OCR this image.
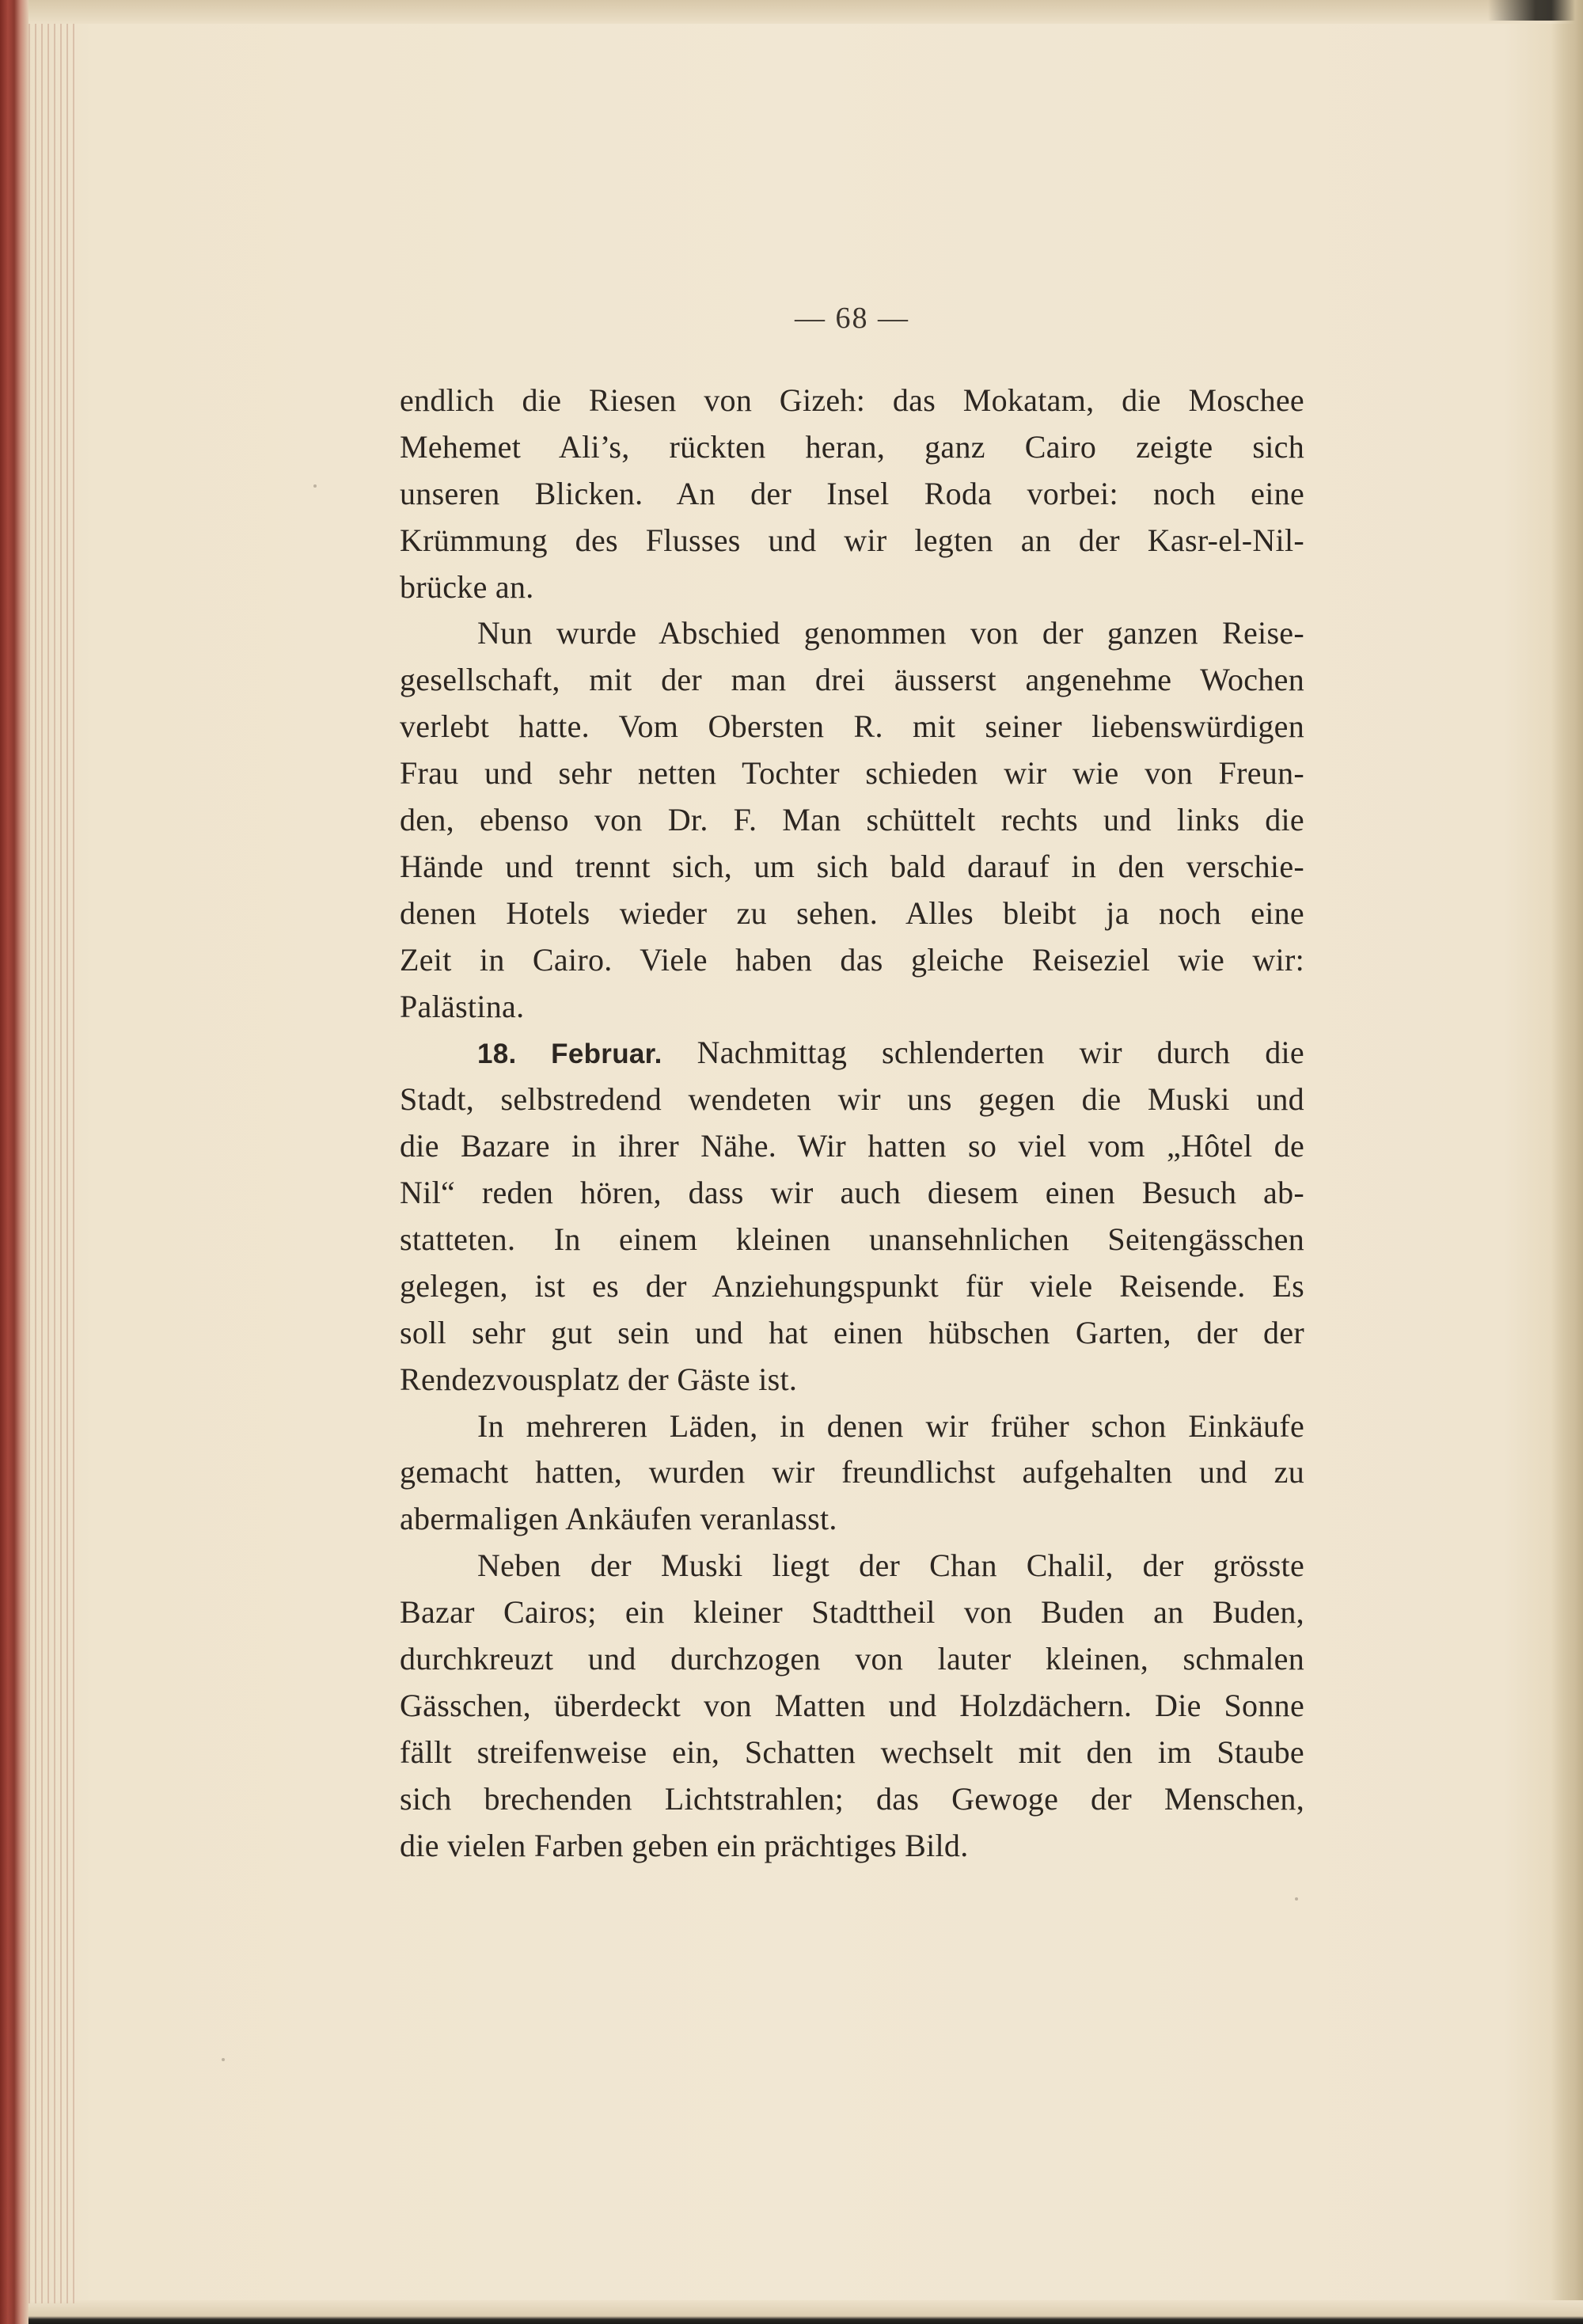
— 68 —
endlich die Riesen von Gizeh: das Mokatam, die Moschee
Mehemet Ali’s, rückten heran, ganz Cairo zeigte sich
unseren Blicken. An der Insel Roda vorbei: noch eine
Krümmung des Flusses und wir legten an der Kasr-el-Nil-
brücke an.
Nun wurde Abschied genommen von der ganzen Reise-
gesellschaft, mit der man drei äusserst angenehme Wochen
verlebt hatte. Vom Obersten R. mit seiner liebenswürdigen
Frau und sehr netten Tochter schieden wir wie von Freun-
den, ebenso von Dr. F. Man schüttelt rechts und links die
Hände und trennt sich, um sich bald darauf in den verschie-
denen Hotels wieder zu sehen. Alles bleibt ja noch eine
Zeit in Cairo. Viele haben das gleiche Reiseziel wie wir:
Palästina.
18. Februar. Nachmittag schlenderten wir durch die
Stadt, selbstredend wendeten wir uns gegen die Muski und
die Bazare in ihrer Nähe. Wir hatten so viel vom „Hôtel de
Nil“ reden hören, dass wir auch diesem einen Besuch ab-
statteten. In einem kleinen unansehnlichen Seitengässchen
gelegen, ist es der Anziehungspunkt für viele Reisende. Es
soll sehr gut sein und hat einen hübschen Garten, der der
Rendezvousplatz der Gäste ist.
In mehreren Läden, in denen wir früher schon Einkäufe
gemacht hatten, wurden wir freundlichst aufgehalten und zu
abermaligen Ankäufen veranlasst.
Neben der Muski liegt der Chan Chalil, der grösste
Bazar Cairos; ein kleiner Stadttheil von Buden an Buden,
durchkreuzt und durchzogen von lauter kleinen, schmalen
Gässchen, überdeckt von Matten und Holzdächern. Die Sonne
fällt streifenweise ein, Schatten wechselt mit den im Staube
sich brechenden Lichtstrahlen; das Gewoge der Menschen,
die vielen Farben geben ein prächtiges Bild.
